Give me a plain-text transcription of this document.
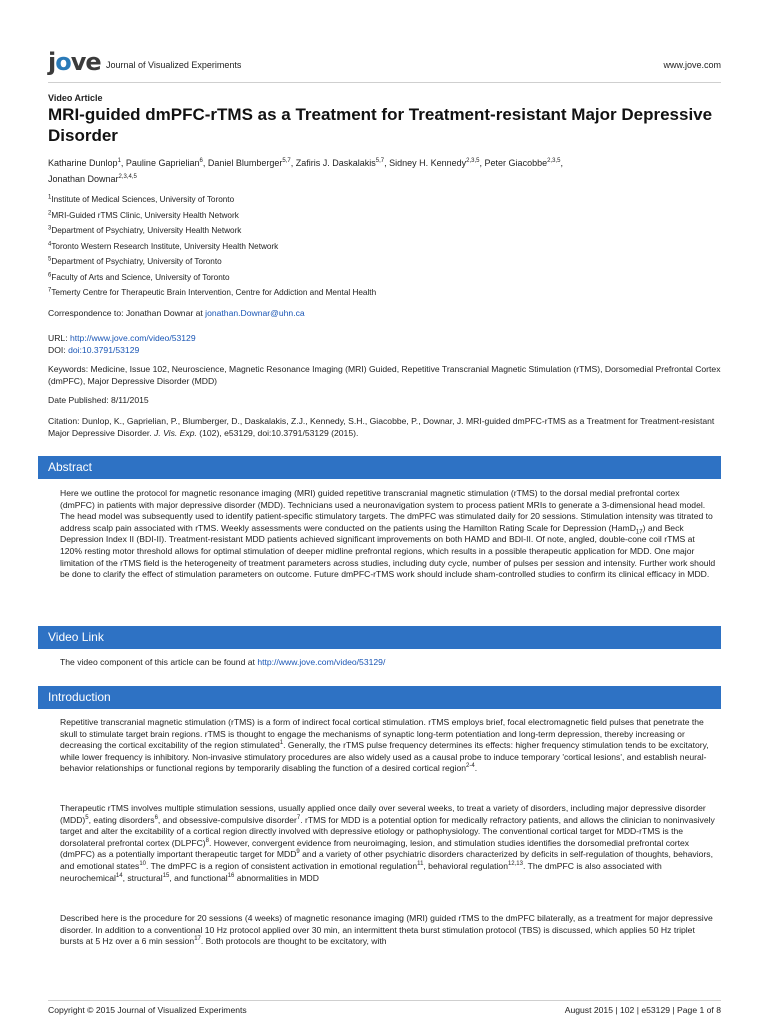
jove Journal of Visualized Experiments	www.jove.com
Video Article
MRI-guided dmPFC-rTMS as a Treatment for Treatment-resistant Major Depressive Disorder
Katharine Dunlop$^1$, Pauline Gaprielian$^6$, Daniel Blumberger$^{5,7}$, Zafiris J. Daskalakis$^{5,7}$, Sidney H. Kennedy$^{2,3,5}$, Peter Giacobbe$^{2,3,5}$,
Jonathan Downar$^{2,3,4,5}$
$^1$Institute of Medical Sciences, University of Toronto
$^2$MRI-Guided rTMS Clinic, University Health Network
$^3$Department of Psychiatry, University Health Network
$^4$Toronto Western Research Institute, University Health Network
$^5$Department of Psychiatry, University of Toronto
$^6$Faculty of Arts and Science, University of Toronto
$^7$Temerty Centre for Therapeutic Brain Intervention, Centre for Addiction and Mental Health
Correspondence to: Jonathan Downar at jonathan.Downar@uhn.ca
URL: http://www.jove.com/video/53129
DOI: doi:10.3791/53129
Keywords: Medicine, Issue 102, Neuroscience, Magnetic Resonance Imaging (MRI) Guided, Repetitive Transcranial Magnetic Stimulation (rTMS), Dorsomedial Prefrontal Cortex (dmPFC), Major Depressive Disorder (MDD)
Date Published: 8/11/2015
Citation: Dunlop, K., Gaprielian, P., Blumberger, D., Daskalakis, Z.J., Kennedy, S.H., Giacobbe, P., Downar, J. MRI-guided dmPFC-rTMS as a Treatment for Treatment-resistant Major Depressive Disorder. J. Vis. Exp. (102), e53129, doi:10.3791/53129 (2015).
Abstract
Here we outline the protocol for magnetic resonance imaging (MRI) guided repetitive transcranial magnetic stimulation (rTMS) to the dorsal medial prefrontal cortex (dmPFC) in patients with major depressive disorder (MDD). Technicians used a neuronavigation system to process patient MRIs to generate a 3-dimensional head model. The head model was subsequently used to identify patient-specific stimulatory targets. The dmPFC was stimulated daily for 20 sessions. Stimulation intensity was titrated to address scalp pain associated with rTMS. Weekly assessments were conducted on the patients using the Hamilton Rating Scale for Depression (HamD$_{17}$) and Beck Depression Index II (BDI-II). Treatment-resistant MDD patients achieved significant improvements on both HAMD and BDI-II. Of note, angled, double-cone coil rTMS at 120% resting motor threshold allows for optimal stimulation of deeper midline prefrontal regions, which results in a possible therapeutic application for MDD. One major limitation of the rTMS field is the heterogeneity of treatment parameters across studies, including duty cycle, number of pulses per session and intensity. Further work should be done to clarify the effect of stimulation parameters on outcome. Future dmPFC-rTMS work should include sham-controlled studies to confirm its clinical efficacy in MDD.
Video Link
The video component of this article can be found at http://www.jove.com/video/53129/
Introduction
Repetitive transcranial magnetic stimulation (rTMS) is a form of indirect focal cortical stimulation. rTMS employs brief, focal electromagnetic field pulses that penetrate the skull to stimulate target brain regions. rTMS is thought to engage the mechanisms of synaptic long-term potentiation and long-term depression, thereby increasing or decreasing the cortical excitability of the region stimulated$^1$. Generally, the rTMS pulse frequency determines its effects: higher frequency stimulation tends to be excitatory, while lower frequency is inhibitory. Non-invasive stimulatory procedures are also widely used as a causal probe to induce temporary 'cortical lesions', and establish neural-behavior relationships or functional regions by temporarily disabling the function of a desired cortical region$^{2-4}$.
Therapeutic rTMS involves multiple stimulation sessions, usually applied once daily over several weeks, to treat a variety of disorders, including major depressive disorder (MDD)$^5$, eating disorders$^6$, and obsessive-compulsive disorder$^7$. rTMS for MDD is a potential option for medically refractory patients, and allows the clinician to noninvasively target and alter the excitability of a cortical region directly involved with depressive etiology or pathophysiology. The conventional cortical target for MDD-rTMS is the dorsolateral prefrontal cortex (DLPFC)$^8$. However, convergent evidence from neuroimaging, lesion, and stimulation studies identifies the dorsomedial prefrontal cortex (dmPFC) as a potentially important therapeutic target for MDD$^9$ and a variety of other psychiatric disorders characterized by deficits in self-regulation of thoughts, behaviors, and emotional states$^{10}$. The dmPFC is a region of consistent activation in emotional regulation$^{11}$, behavioral regulation$^{12,13}$. The dmPFC is also associated with neurochemical$^{14}$, structural$^{15}$, and functional$^{16}$ abnormalities in MDD
Described here is the procedure for 20 sessions (4 weeks) of magnetic resonance imaging (MRI) guided rTMS to the dmPFC bilaterally, as a treatment for major depressive disorder. In addition to a conventional 10 Hz protocol applied over 30 min, an intermittent theta burst stimulation protocol (TBS) is discussed, which applies 50 Hz triplet bursts at 5 Hz over a 6 min session$^{17}$. Both protocols are thought to be excitatory, with
Copyright © 2015 Journal of Visualized Experiments	August 2015 | 102 | e53129 | Page 1 of 8
